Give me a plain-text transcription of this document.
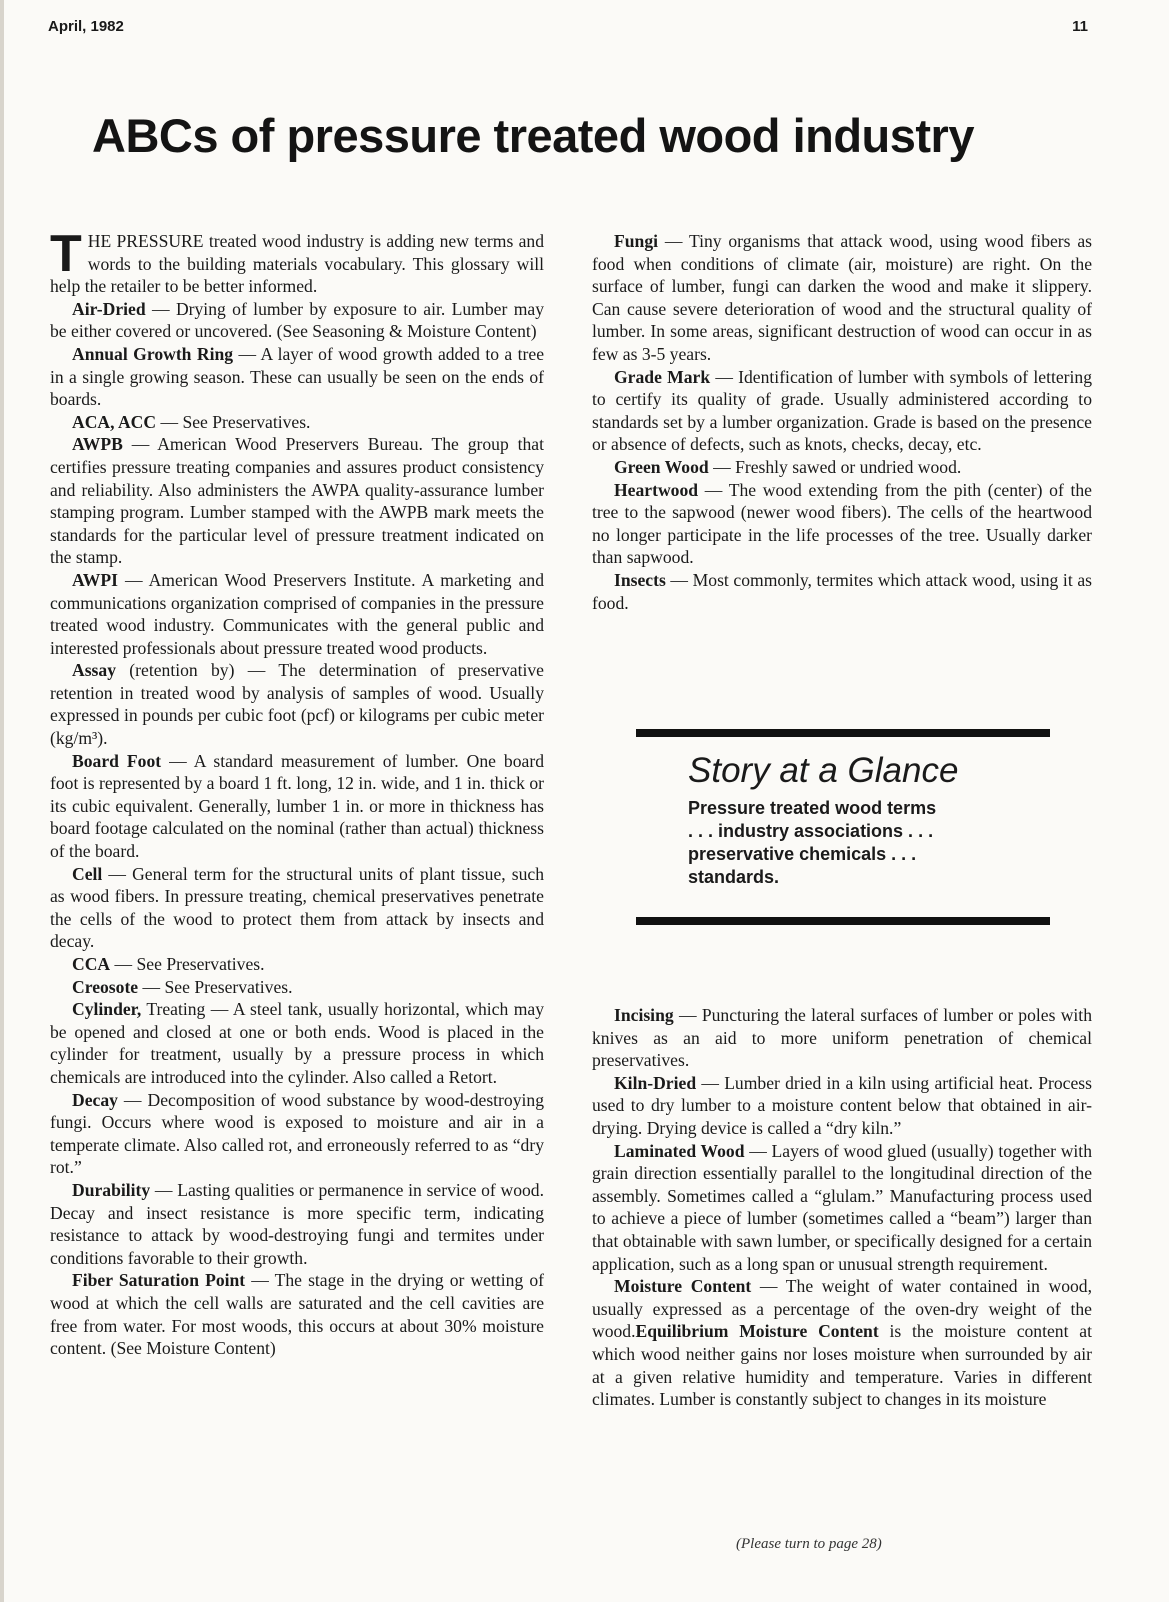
April, 1982	11
ABCs of pressure treated wood industry

THE PRESSURE treated wood industry is adding new terms and words to the building materials vocabulary. This glossary will help the retailer to be better informed.

Air-Dried — Drying of lumber by exposure to air. Lumber may be either covered or uncovered. (See Seasoning & Moisture Content)

Annual Growth Ring — A layer of wood growth added to a tree in a single growing season. These can usually be seen on the ends of boards.

ACA, ACC — See Preservatives.

AWPB — American Wood Preservers Bureau. The group that certifies pressure treating companies and assures product consistency and reliability. Also administers the AWPA quality-assurance lumber stamping program. Lumber stamped with the AWPB mark meets the standards for the particular level of pressure treatment indicated on the stamp.

AWPI — American Wood Preservers Institute. A marketing and communications organization comprised of companies in the pressure treated wood industry. Communicates with the general public and interested professionals about pressure treated wood products.

Assay (retention by) — The determination of preservative retention in treated wood by analysis of samples of wood. Usually expressed in pounds per cubic foot (pcf) or kilograms per cubic meter (kg/m³).

Board Foot — A standard measurement of lumber. One board foot is represented by a board 1 ft. long, 12 in. wide, and 1 in. thick or its cubic equivalent. Generally, lumber 1 in. or more in thickness has board footage calculated on the nominal (rather than actual) thickness of the board.

Cell — General term for the structural units of plant tissue, such as wood fibers. In pressure treating, chemical preservatives penetrate the cells of the wood to protect them from attack by insects and decay.

CCA — See Preservatives.

Creosote — See Preservatives.

Cylinder, Treating — A steel tank, usually horizontal, which may be opened and closed at one or both ends. Wood is placed in the cylinder for treatment, usually by a pressure process in which chemicals are introduced into the cylinder. Also called a Retort.

Decay — Decomposition of wood substance by wood-destroying fungi. Occurs where wood is exposed to moisture and air in a temperate climate. Also called rot, and erroneously referred to as “dry rot.”

Durability — Lasting qualities or permanence in service of wood. Decay and insect resistance is more specific term, indicating resistance to attack by wood-destroying fungi and termites under conditions favorable to their growth.

Fiber Saturation Point — The stage in the drying or wetting of wood at which the cell walls are saturated and the cell cavities are free from water. For most woods, this occurs at about 30% moisture content. (See Moisture Content)

Fungi — Tiny organisms that attack wood, using wood fibers as food when conditions of climate (air, moisture) are right. On the surface of lumber, fungi can darken the wood and make it slippery. Can cause severe deterioration of wood and the structural quality of lumber. In some areas, significant destruction of wood can occur in as few as 3-5 years.

Grade Mark — Identification of lumber with symbols of lettering to certify its quality of grade. Usually administered according to standards set by a lumber organization. Grade is based on the presence or absence of defects, such as knots, checks, decay, etc.

Green Wood — Freshly sawed or undried wood.

Heartwood — The wood extending from the pith (center) of the tree to the sapwood (newer wood fibers). The cells of the heartwood no longer participate in the life processes of the tree. Usually darker than sapwood.

Insects — Most commonly, termites which attack wood, using it as food.

Story at a Glance
Pressure treated wood terms
. . . industry associations . . .
preservative chemicals . . .
standards.

Incising — Puncturing the lateral surfaces of lumber or poles with knives as an aid to more uniform penetration of chemical preservatives.

Kiln-Dried — Lumber dried in a kiln using artificial heat. Process used to dry lumber to a moisture content below that obtained in air-drying. Drying device is called a “dry kiln.”

Laminated Wood — Layers of wood glued (usually) together with grain direction essentially parallel to the longitudinal direction of the assembly. Sometimes called a “glulam.” Manufacturing process used to achieve a piece of lumber (sometimes called a “beam”) larger than that obtainable with sawn lumber, or specifically designed for a certain application, such as a long span or unusual strength requirement.

Moisture Content — The weight of water contained in wood, usually expressed as a percentage of the oven-dry weight of the wood.Equilibrium Moisture Content is the moisture content at which wood neither gains nor loses moisture when surrounded by air at a given relative humidity and temperature. Varies in different climates. Lumber is constantly subject to changes in its moisture

(Please turn to page 28)
